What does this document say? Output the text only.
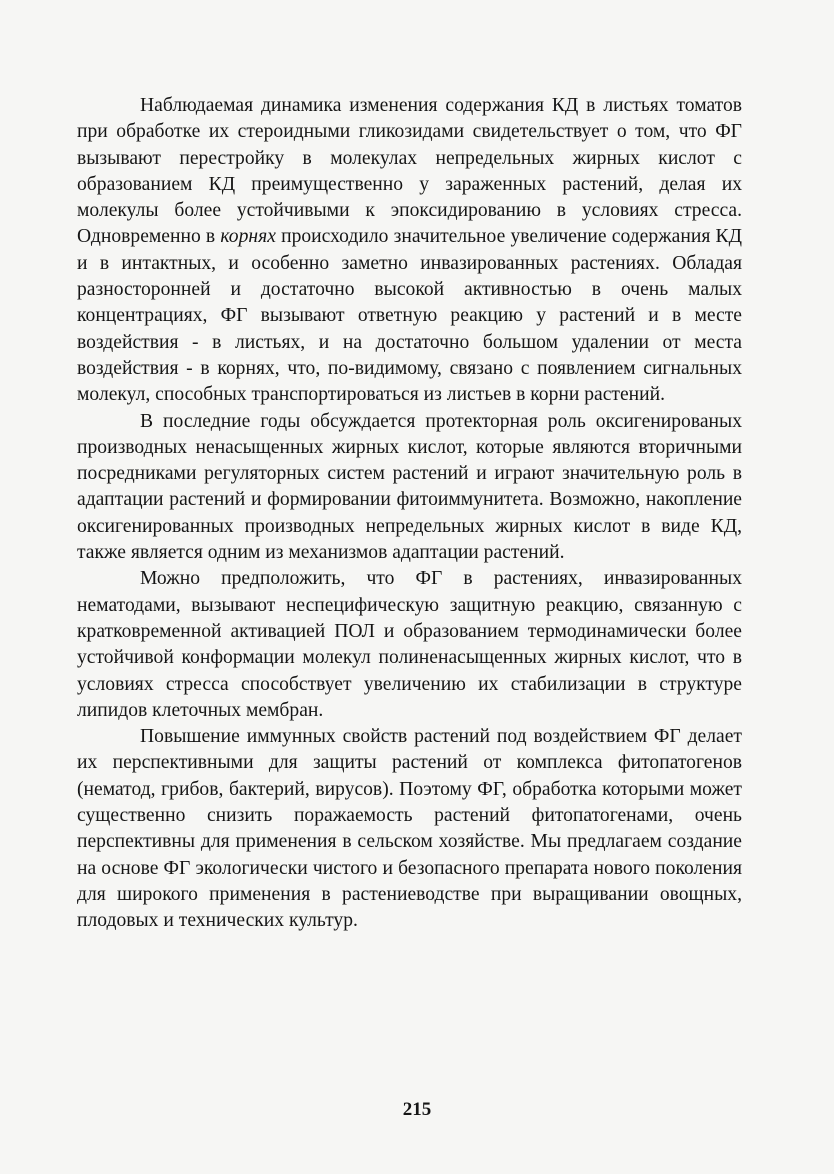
Наблюдаемая динамика изменения содержания КД в листьях томатов при обработке их стероидными гликозидами свидетельствует о том, что ФГ вызывают перестройку в молекулах непредельных жирных кислот с образованием КД преимущественно у зараженных растений, делая их молекулы более устойчивыми к эпоксидированию в условиях стресса. Одновременно в корнях происходило значительное увеличение содержания КД и в интактных, и особенно заметно инвазированных растениях. Обладая разносторонней и достаточно высокой активностью в очень малых концентрациях, ФГ вызывают ответную реакцию у растений и в месте воздействия - в листьях, и на достаточно большом удалении от места воздействия - в корнях, что, по-видимому, связано с появлением сигнальных молекул, способных транспортироваться из листьев в корни растений.

В последние годы обсуждается протекторная роль оксигенированых производных ненасыщенных жирных кислот, которые являются вторичными посредниками регуляторных систем растений и играют значительную роль в адаптации растений и формировании фитоиммунитета. Возможно, накопление оксигенированных производных непредельных жирных кислот в виде КД, также является одним из механизмов адаптации растений.

Можно предположить, что ФГ в растениях, инвазированных нематодами, вызывают неспецифическую защитную реакцию, связанную с кратковременной активацией ПОЛ и образованием термодинамически более устойчивой конформации молекул полиненасыщенных жирных кислот, что в условиях стресса способствует увеличению их стабилизации в структуре липидов клеточных мембран.

Повышение иммунных свойств растений под воздействием ФГ делает их перспективными для защиты растений от комплекса фитопатогенов (нематод, грибов, бактерий, вирусов). Поэтому ФГ, обработка которыми может существенно снизить поражаемость растений фитопатогенами, очень перспективны для применения в сельском хозяйстве. Мы предлагаем создание на основе ФГ экологически чистого и безопасного препарата нового поколения для широкого применения в растениеводстве при выращивании овощных, плодовых и технических культур.

215
